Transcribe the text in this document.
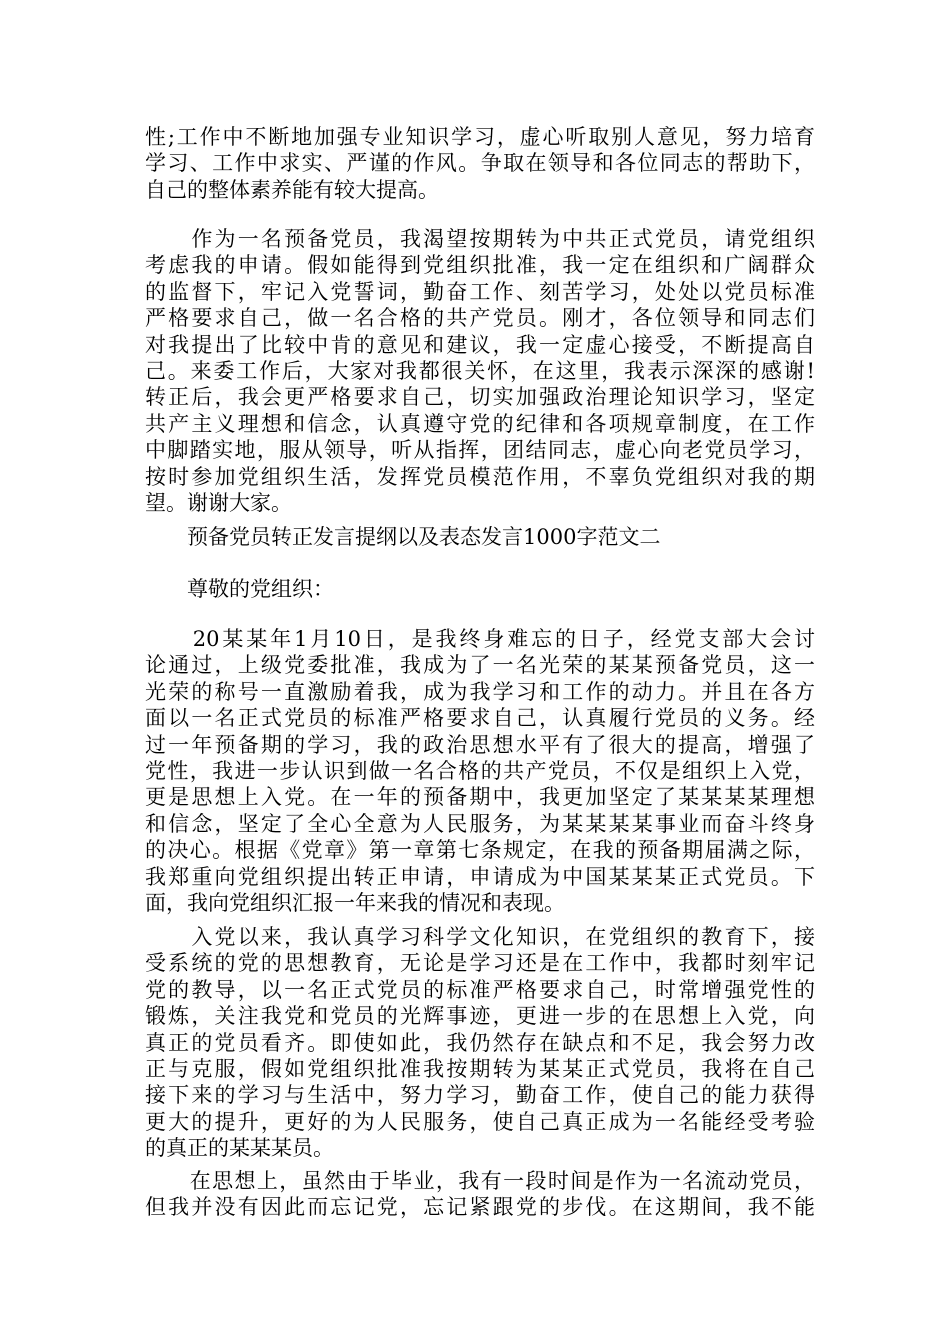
性;工作中不断地加强专业知识学习，虚心听取别人意见，努力培育
学习、工作中求实、严谨的作风。争取在领导和各位同志的帮助下，
自己的整体素养能有较大提高。
　　作为一名预备党员，我渴望按期转为中共正式党员，请党组织
考虑我的申请。假如能得到党组织批准，我一定在组织和广阔群众
的监督下，牢记入党誓词，勤奋工作、刻苦学习，处处以党员标准
严格要求自己，做一名合格的共产党员。刚才，各位领导和同志们
对我提出了比较中肯的意见和建议，我一定虚心接受，不断提高自
己。来委工作后，大家对我都很关怀，在这里，我表示深深的感谢!
转正后，我会更严格要求自己，切实加强政治理论知识学习，坚定
共产主义理想和信念，认真遵守党的纪律和各项规章制度，在工作
中脚踏实地，服从领导，听从指挥，团结同志，虚心向老党员学习，
按时参加党组织生活，发挥党员模范作用，不辜负党组织对我的期
望。谢谢大家。
　　预备党员转正发言提纲以及表态发言1000字范文二
　　尊敬的党组织：
　　20某某年1月10日，是我终身难忘的日子，经党支部大会讨
论通过，上级党委批准，我成为了一名光荣的某某预备党员，这一
光荣的称号一直激励着我，成为我学习和工作的动力。并且在各方
面以一名正式党员的标准严格要求自己，认真履行党员的义务。经
过一年预备期的学习，我的政治思想水平有了很大的提高，增强了
党性，我进一步认识到做一名合格的共产党员，不仅是组织上入党，
更是思想上入党。在一年的预备期中，我更加坚定了某某某某理想
和信念，坚定了全心全意为人民服务，为某某某某事业而奋斗终身
的决心。根据《党章》第一章第七条规定，在我的预备期届满之际，
我郑重向党组织提出转正申请，申请成为中国某某某正式党员。下
面，我向党组织汇报一年来我的情况和表现。
　　入党以来，我认真学习科学文化知识，在党组织的教育下，接
受系统的党的思想教育，无论是学习还是在工作中，我都时刻牢记
党的教导，以一名正式党员的标准严格要求自己，时常增强党性的
锻炼，关注我党和党员的光辉事迹，更进一步的在思想上入党，向
真正的党员看齐。即使如此，我仍然存在缺点和不足，我会努力改
正与克服，假如党组织批准我按期转为某某正式党员，我将在自己
接下来的学习与生活中，努力学习，勤奋工作，使自己的能力获得
更大的提升，更好的为人民服务，使自己真正成为一名能经受考验
的真正的某某某员。
　　在思想上，虽然由于毕业，我有一段时间是作为一名流动党员，
但我并没有因此而忘记党，忘记紧跟党的步伐。在这期间，我不能
